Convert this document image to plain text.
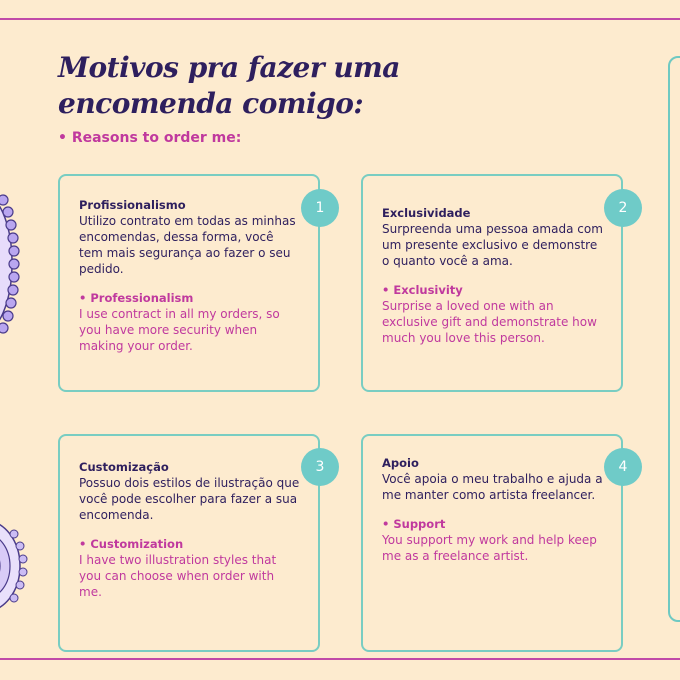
Motivos pra fazer uma
encomenda comigo:
• Reasons to order me:
Profissionalismo
Utilizo contrato em todas as minhas encomendas, dessa forma, você tem mais segurança ao fazer o seu pedido.
• Professionalism
I use contract in all my orders, so you have more security when making your order.
1	Exclusividade
Surpreenda uma pessoa amada com um presente exclusivo e demonstre o quanto você a ama.
• Exclusivity
Surprise a loved one with an exclusive gift and demonstrate how much you love this person.
2
Customização
Possuo dois estilos de ilustração que você pode escolher para fazer a sua encomenda.
• Customization
I have two illustration styles that you can choose when order with me.
3	Apoio
Você apoia o meu trabalho e ajuda a me manter como artista freelancer.
• Support
You support my work and help keep me as a freelance artist.
4
